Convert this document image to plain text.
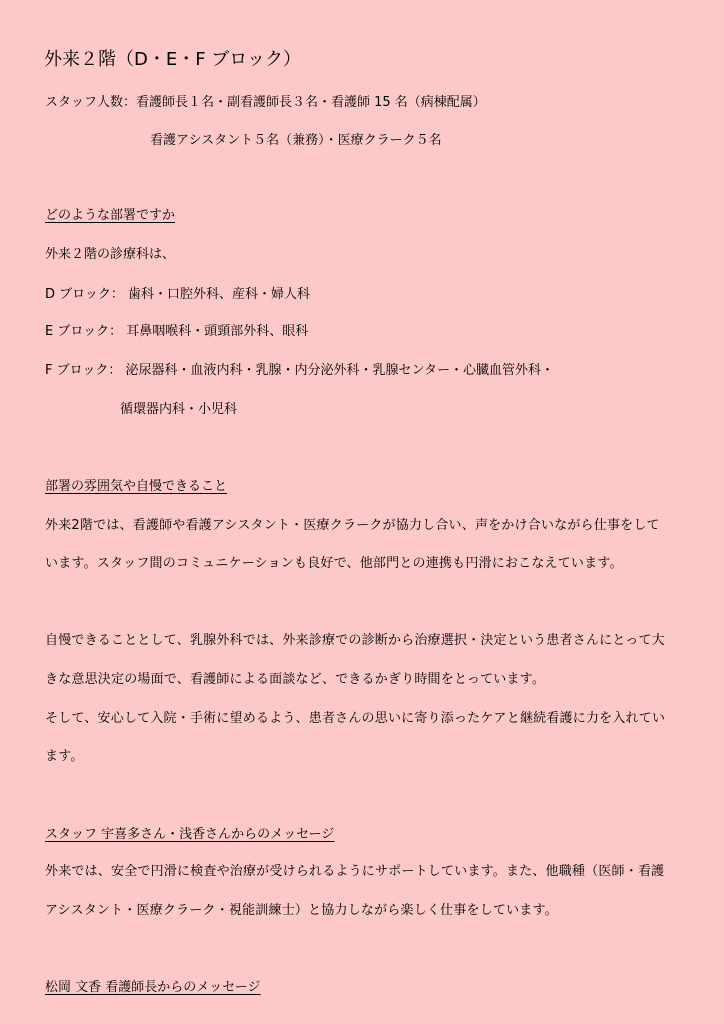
外来２階（D・E・F ブロック）
スタッフ人数：看護師長１名・副看護師長３名・看護師 15 名（病棟配属）
看護アシスタント５名（兼務）・医療クラーク５名
どのような部署ですか
外来２階の診療科は、
D ブロック： 歯科・口腔外科、産科・婦人科
E ブロック： 耳鼻咽喉科・頭頸部外科、眼科
F ブロック： 泌尿器科・血液内科・乳腺・内分泌外科・乳腺センター・心臓血管外科・
循環器内科・小児科
部署の雰囲気や自慢できること
外来2階では、看護師や看護アシスタント・医療クラークが協力し合い、声をかけ合いながら仕事をして
います。スタッフ間のコミュニケーションも良好で、他部門との連携も円滑におこなえています。
自慢できることとして、乳腺外科では、外来診療での診断から治療選択・決定という患者さんにとって大
きな意思決定の場面で、看護師による面談など、できるかぎり時間をとっています。
そして、安心して入院・手術に望めるよう、患者さんの思いに寄り添ったケアと継続看護に力を入れてい
ます。
スタッフ 宇喜多さん・浅香さんからのメッセージ
外来では、安全で円滑に検査や治療が受けられるようにサポートしています。また、他職種（医師・看護
アシスタント・医療クラーク・視能訓練士）と協力しながら楽しく仕事をしています。
松岡 文香 看護師長からのメッセージ
